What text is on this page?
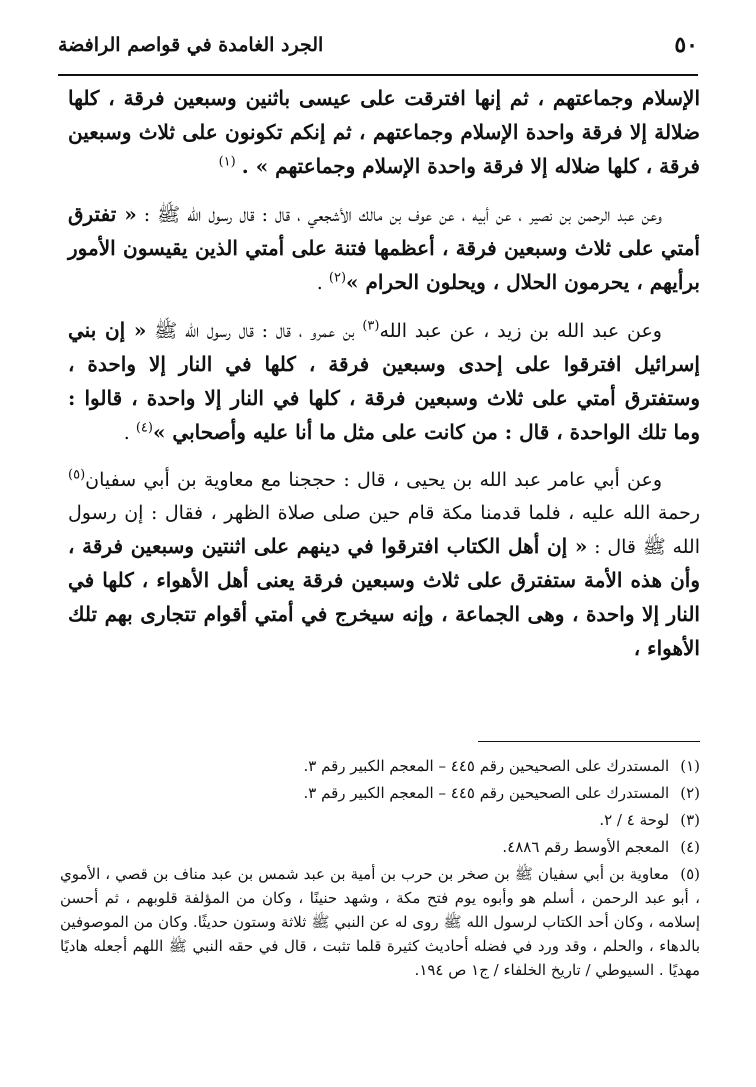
٥٠
الجرد الغامدة في قواصم الرافضة

الإسلام وجماعتهم ، ثم إنها افترقت على عيسى باثنين وسبعين فرقة ، كلها ضلالة إلا فرقة واحدة الإسلام وجماعتهم ، ثم إنكم تكونون على ثلاث وسبعين فرقة ، كلها ضلاله إلا فرقة واحدة الإسلام وجماعتهم » . $^{(١)}$

وعن عبد الرحمن بن نصير ، عن أبيه ، عن عوف بن مالك الأشجعي ، قال : قال رسول الله ﷺ : « تفترق أمتي على ثلاث وسبعين فرقة ، أعظمها فتنة على أمتي الذين يقيسون الأمور برأيهم ، يحرمون الحلال ، ويحلون الحرام »$^{(٢)}$ .

وعن عبد الله بن زيد ، عن عبد الله$^{(٣)}$ بن عمرو ، قال : قال رسول الله ﷺ « إن بني إسرائيل افترقوا على إحدى وسبعين فرقة ، كلها في النار إلا واحدة ، وستفترق أمتي على ثلاث وسبعين فرقة ، كلها في النار إلا واحدة ، قالوا : وما تلك الواحدة ، قال : من كانت على مثل ما أنا عليه وأصحابي »$^{(٤)}$ .

وعن أبي عامر عبد الله بن يحيى ، قال : حججنا مع معاوية بن أبي سفيان$^{(٥)}$ رحمة الله عليه ، فلما قدمنا مكة قام حين صلى صلاة الظهر ، فقال : إن رسول الله ﷺ قال : « إن أهل الكتاب افترقوا في دينهم على اثنتين وسبعين فرقة ، وأن هذه الأمة ستفترق على ثلاث وسبعين فرقة يعنى أهل الأهواء ، كلها في النار إلا واحدة ، وهى الجماعة ، وإنه سيخرج في أمتي أقوام تتجارى بهم تلك الأهواء ،

(١) المستدرك على الصحيحين رقم ٤٤٥ – المعجم الكبير رقم ٣.

(٢) المستدرك على الصحيحين رقم ٤٤٥ – المعجم الكبير رقم ٣.

(٣) لوحة ٤ / ٢.

(٤) المعجم الأوسط رقم ٤٨٨٦.

(٥) معاوية بن أبي سفيان ﷺ بن صخر بن حرب بن أمية بن عبد شمس بن عبد مناف بن قصي ، الأموي ، أبو عبد الرحمن ، أسلم هو وأبوه يوم فتح مكة ، وشهد حنينًا ، وكان من المؤلفة قلوبهم ، ثم أحسن إسلامه ، وكان أحد الكتاب لرسول الله ﷺ روى له عن النبي ﷺ ثلاثة وستون حديثًا. وكان من الموصوفين بالدهاء ، والحلم ، وقد ورد في فضله أحاديث كثيرة قلما تثبت ، قال في حقه النبي ﷺ اللهم أجعله هاديًا مهديًا . السيوطي / تاريخ الخلفاء / ج١ ص ١٩٤.
